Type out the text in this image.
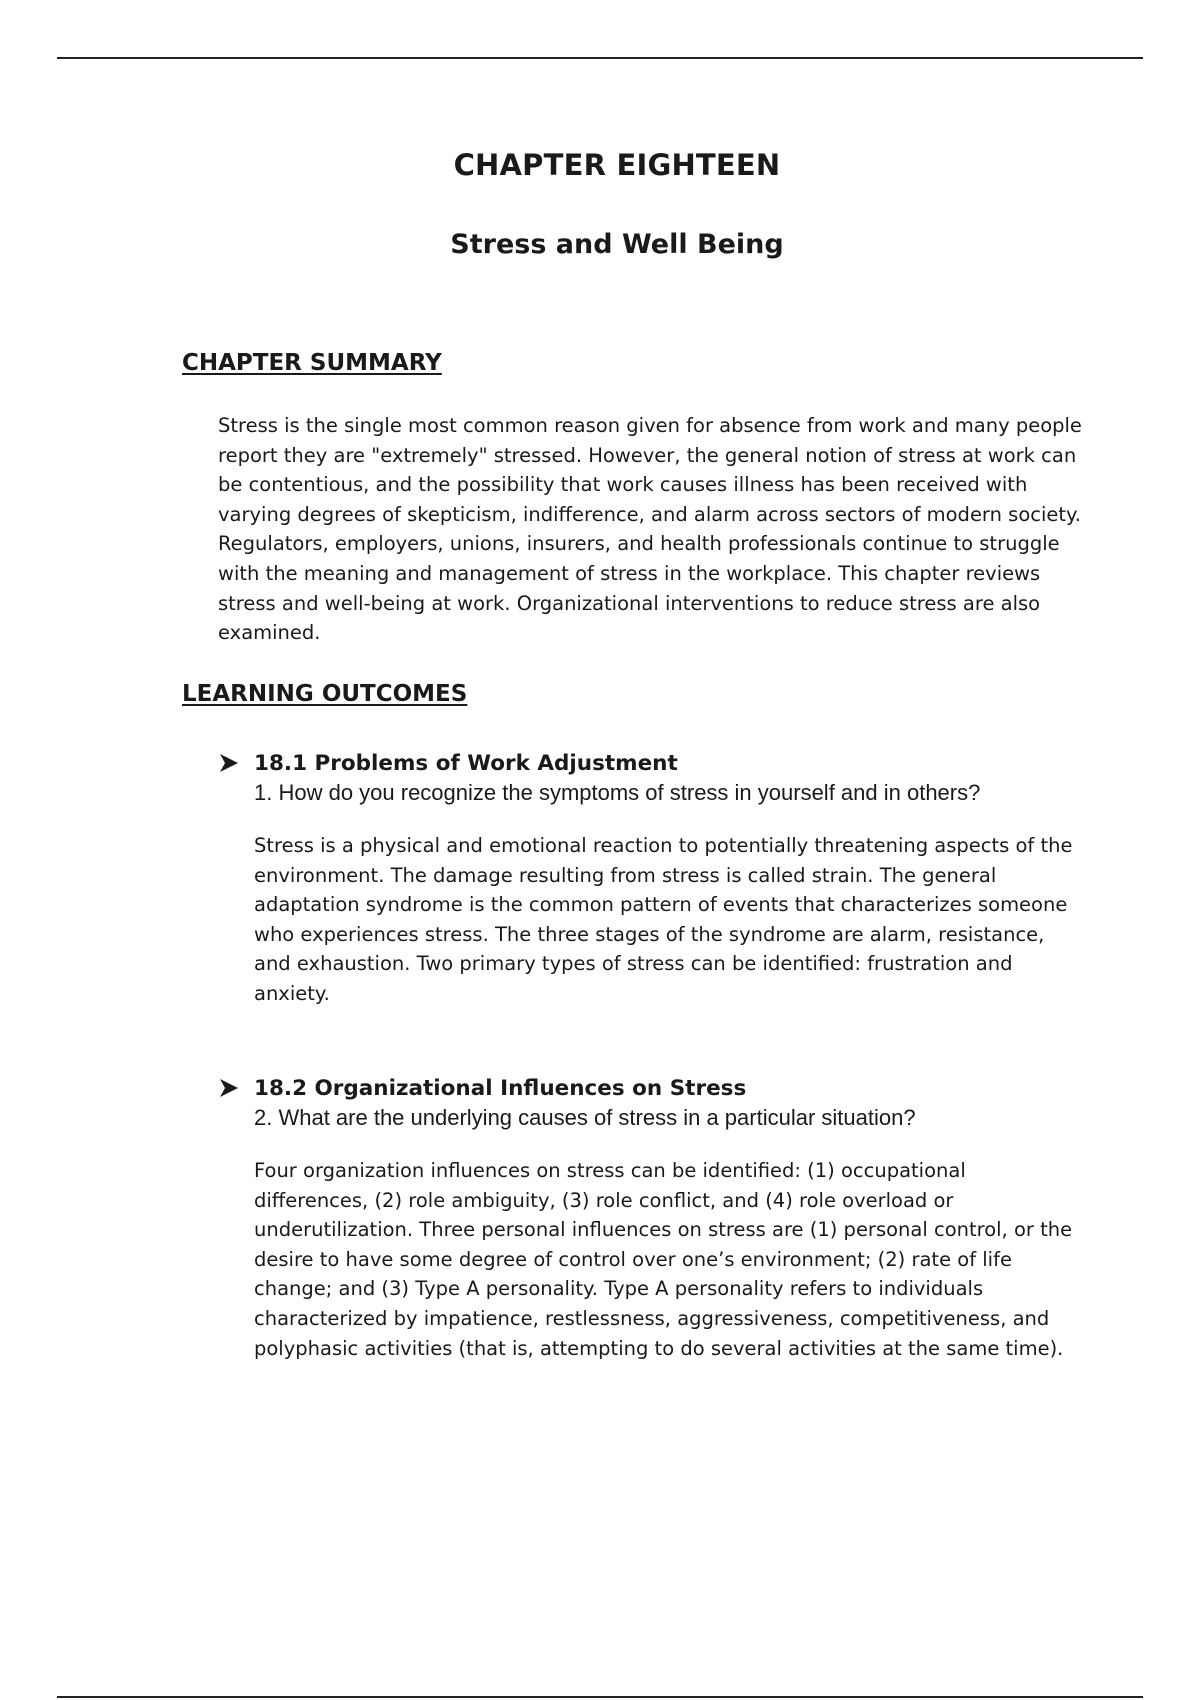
CHAPTER EIGHTEEN
Stress and Well Being
CHAPTER SUMMARY

Stress is the single most common reason given for absence from work and many people report they are "extremely" stressed. However, the general notion of stress at work can be contentious, and the possibility that work causes illness has been received with varying degrees of skepticism, indifference, and alarm across sectors of modern society. Regulators, employers, unions, insurers, and health professionals continue to struggle with the meaning and management of stress in the workplace. This chapter reviews stress and well-being at work. Organizational interventions to reduce stress are also examined.

LEARNING OUTCOMES
18.1 Problems of Work Adjustment

1. How do you recognize the symptoms of stress in yourself and in others?

Stress is a physical and emotional reaction to potentially threatening aspects of the environment. The damage resulting from stress is called strain. The general adaptation syndrome is the common pattern of events that characterizes someone who experiences stress. The three stages of the syndrome are alarm, resistance, and exhaustion. Two primary types of stress can be identified: frustration and anxiety.

18.2 Organizational Influences on Stress

2. What are the underlying causes of stress in a particular situation?

Four organization influences on stress can be identified: (1) occupational differences, (2) role ambiguity, (3) role conflict, and (4) role overload or underutilization. Three personal influences on stress are (1) personal control, or the desire to have some degree of control over one’s environment; (2) rate of life change; and (3) Type A personality. Type A personality refers to individuals characterized by impatience, restlessness, aggressiveness, competitiveness, and polyphasic activities (that is, attempting to do several activities at the same time).
